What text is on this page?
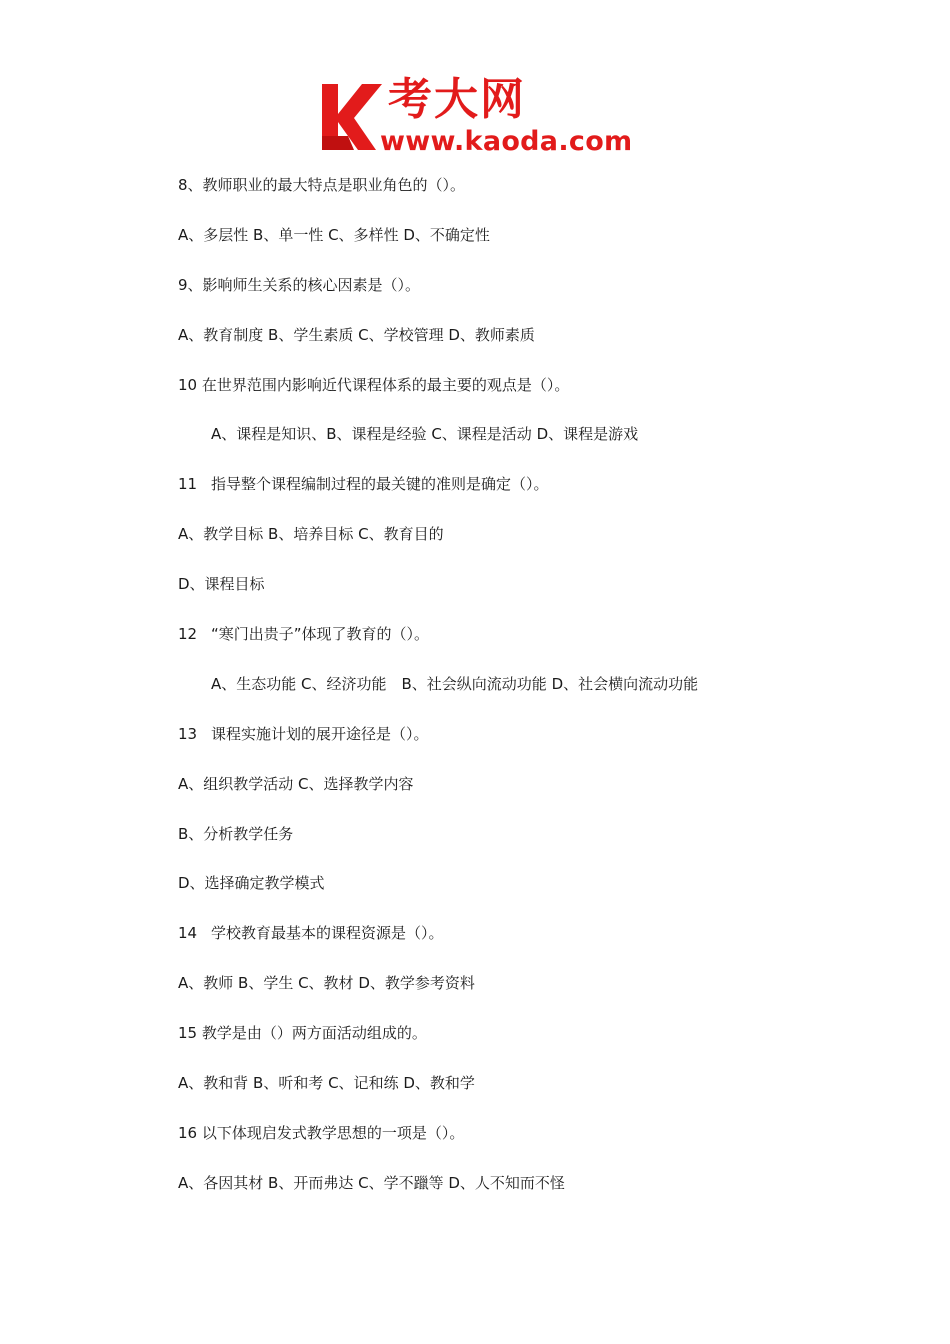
考大网
www.kaoda.com
8、教师职业的最大特点是职业角色的（）。
A、多层性 B、单一性 C、多样性 D、不确定性
9、影响师生关系的核心因素是（）。
A、教育制度 B、学生素质 C、学校管理 D、教师素质
10 在世界范围内影响近代课程体系的最主要的观点是（）。
A、课程是知识、B、课程是经验 C、课程是活动 D、课程是游戏
11 指导整个课程编制过程的最关键的准则是确定（）。
A、教学目标 B、培养目标 C、教育目的
D、课程目标
12 “寒门出贵子”体现了教育的（）。
A、生态功能 C、经济功能　B、社会纵向流动功能 D、社会横向流动功能
13 课程实施计划的展开途径是（）。
A、组织教学活动 C、选择教学内容
B、分析教学任务
D、选择确定教学模式
14 学校教育最基本的课程资源是（）。
A、教师 B、学生 C、教材 D、教学参考资料
15 教学是由（）两方面活动组成的。
A、教和背 B、听和考 C、记和练 D、教和学
16 以下体现启发式教学思想的一项是（）。
A、各因其材 B、开而弗达 C、学不躐等 D、人不知而不怪
